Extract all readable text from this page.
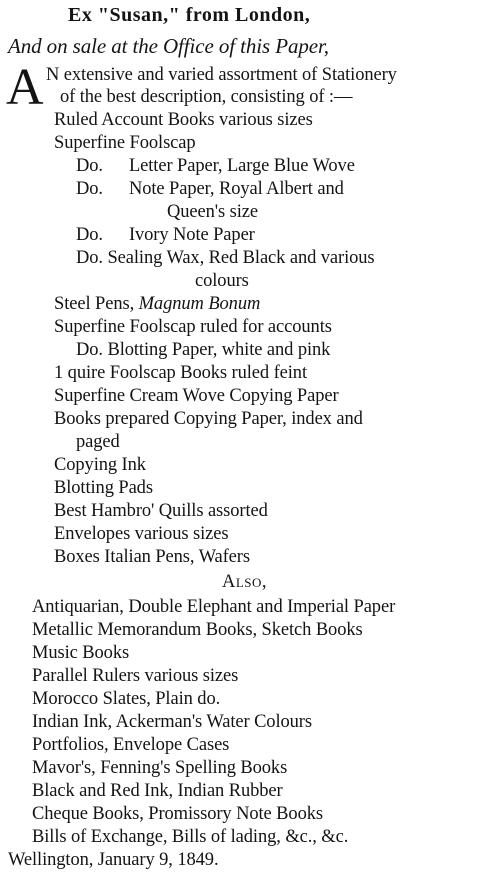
Ex "Susan," from London,
And on sale at the Office of this Paper,
A N extensive and varied assortment of Stationery
of the best description, consisting of :—
Ruled Account Books various sizes
Superfine Foolscap
Do. Letter Paper, Large Blue Wove
Do. Note Paper, Royal Albert and
Queen's size
Do. Ivory Note Paper
Do. Sealing Wax, Red Black and various
colours
Steel Pens, Magnum Bonum
Superfine Foolscap ruled for accounts
Do. Blotting Paper, white and pink
1 quire Foolscap Books ruled feint
Superfine Cream Wove Copying Paper
Books prepared Copying Paper, index and
paged
Copying Ink
Blotting Pads
Best Hambro' Quills assorted
Envelopes various sizes
Boxes Italian Pens, Wafers
Also,
Antiquarian, Double Elephant and Imperial Paper
Metallic Memorandum Books, Sketch Books
Music Books
Parallel Rulers various sizes
Morocco Slates, Plain do.
Indian Ink, Ackerman's Water Colours
Portfolios, Envelope Cases
Mavor's, Fenning's Spelling Books
Black and Red Ink, Indian Rubber
Cheque Books, Promissory Note Books
Bills of Exchange, Bills of lading, &c., &c.
Wellington, January 9, 1849.
